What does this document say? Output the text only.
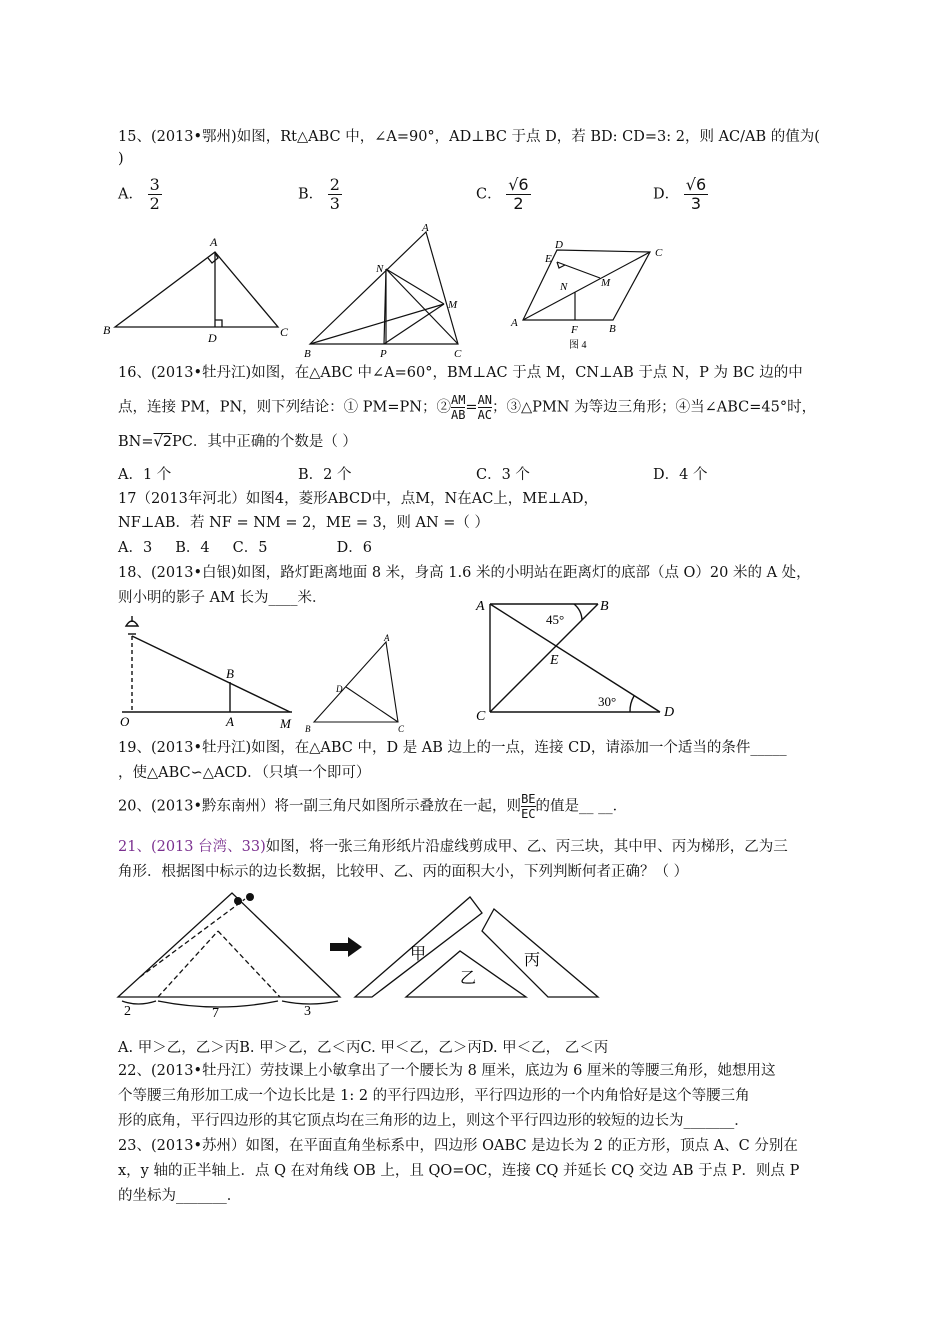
15、(2013•鄂州)如图，Rt△ABC 中，∠A=90°，AD⊥BC 于点 D，若 BD: CD=3: 2，则 AC/AB 的值为(
)
A． $\frac{3}{2}$	B． $\frac{2}{3}$	C． $\frac{√6}{2}$	D． $\frac{√6}{3}$
A
B	C
D
A
B	C
N
M
P
D
E	C
N	M
A
F	B
图 4
16、(2013•牡丹江)如图，在△ABC 中∠A=60°，BM⊥AC 于点 M，CN⊥AB 于点 N，P 为 BC 边的中
点，连接 PM，PN，则下列结论：① PM=PN；② $\frac{AM}{AB} = \frac{AN}{AC}$ ；③△PMN 为等边三角形；④当∠ABC=45°时，
BN=√2PC．其中正确的个数是（ ）
A．1 个	B．2 个	C．3 个	D．4 个
17（2013年河北）如图4，菱形ABCD中，点M，N在AC上，ME⊥AD，
NF⊥AB．若 NF = NM = 2，ME = 3，则 AN =（ ）
A．3     B．4     C．5               D．6
18、(2013•白银)如图，路灯距离地面 8 米，身高 1.6 米的小明站在距离灯的底部（点 O）20 米的 A 处，
则小明的影子 AM 长为____米．
O	A
B
M
A
B	C
D
A	B
C	D
E
45°
30°
19、(2013•牡丹江)如图，在△ABC 中，D 是 AB 边上的一点，连接 CD，请添加一个适当的条件_____
，使△ABC∽△ACD．（只填一个即可）
20、(2013•黔东南州）将一副三角尺如图所示叠放在一起，则 $\frac{BE}{EC}$ 的值是__ __．
21、(2013 台湾、33)如图，将一张三角形纸片沿虚线剪成甲、乙、丙三块，其中甲、丙为梯形，乙为三
角形．根据图中标示的边长数据，比较甲、乙、丙的面积大小，下列判断何者正确？（ ）
2	7	3
甲
乙
丙
A. 甲＞乙，乙＞丙B. 甲＞乙，乙＜丙C. 甲＜乙，乙＞丙D. 甲＜乙， 乙＜丙
22、(2013•牡丹江）劳技课上小敏拿出了一个腰长为 8 厘米，底边为 6 厘米的等腰三角形，她想用这
个等腰三角形加工成一个边长比是 1: 2 的平行四边形，平行四边形的一个内角恰好是这个等腰三角
形的底角，平行四边形的其它顶点均在三角形的边上，则这个平行四边形的较短的边长为_______．
23、(2013•苏州）如图，在平面直角坐标系中，四边形 OABC 是边长为 2 的正方形，顶点 A、C 分别在
x，y 轴的正半轴上．点 Q 在对角线 OB 上，且 QO=OC，连接 CQ 并延长 CQ 交边 AB 于点 P．则点 P
的坐标为_______．
